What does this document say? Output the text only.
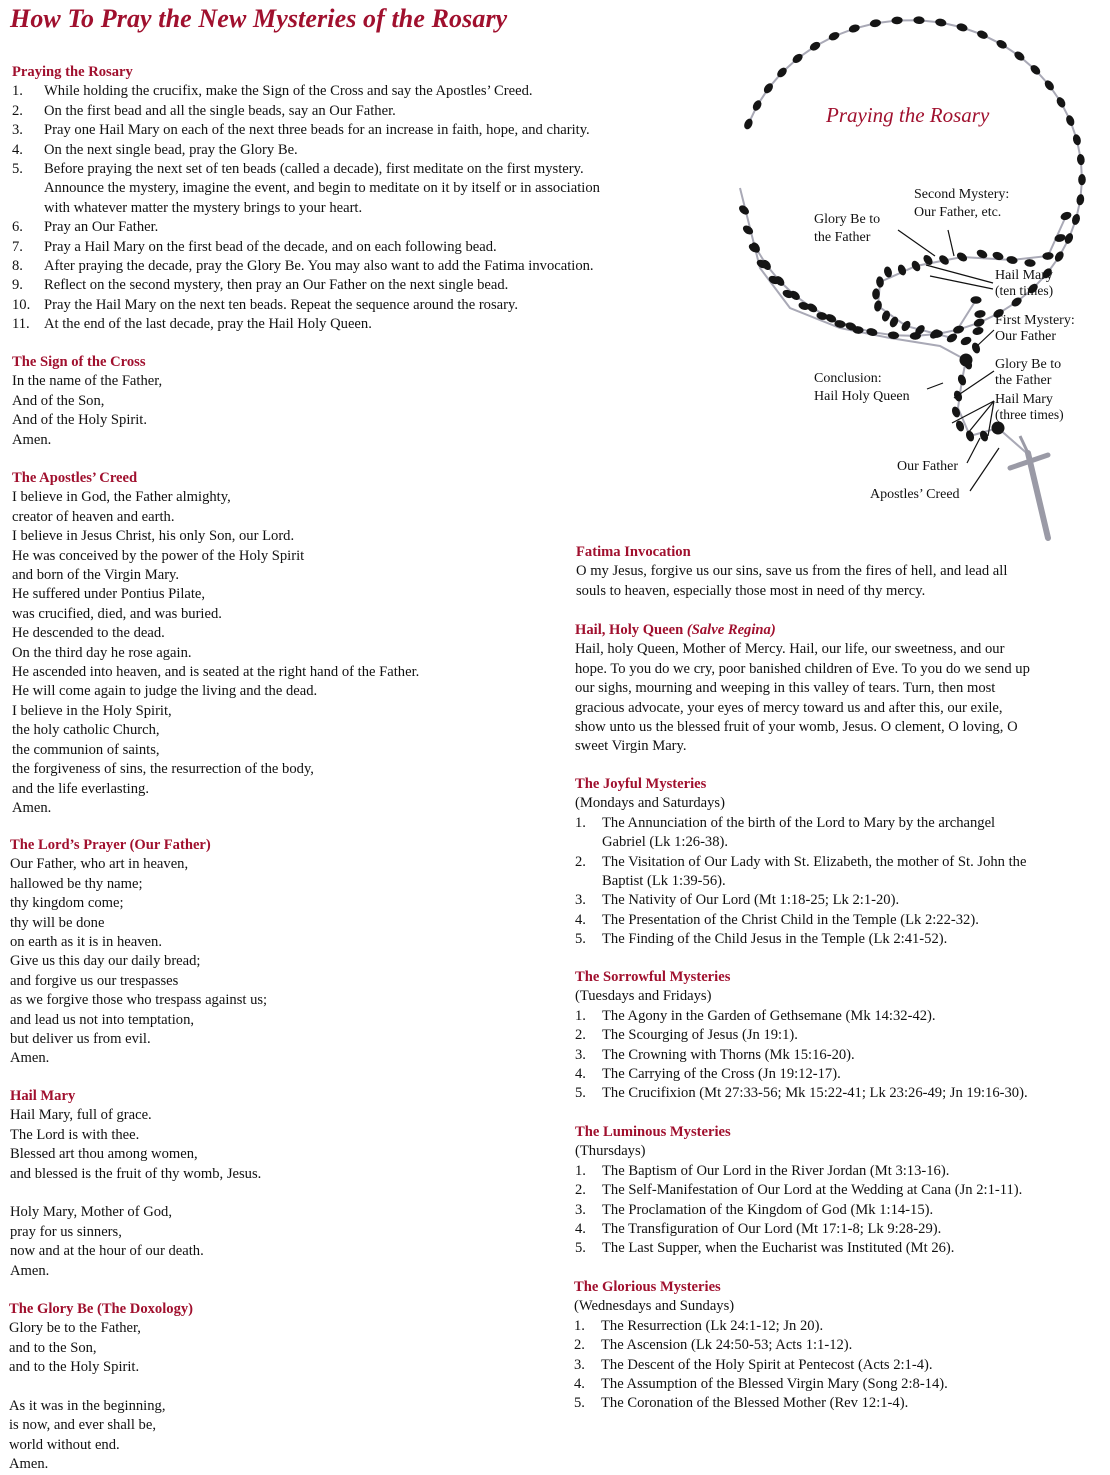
How To Pray the New Mysteries of the Rosary
Praying the Rosary
1. While holding the crucifix, make the Sign of the Cross and say the Apostles’ Creed.
2. On the first bead and all the single beads, say an Our Father.
3. Pray one Hail Mary on each of the next three beads for an increase in faith, hope, and charity.
4. On the next single bead, pray the Glory Be.
5. Before praying the next set of ten beads (called a decade), first meditate on the first mystery.
Announce the mystery, imagine the event, and begin to meditate on it by itself or in association
with whatever matter the mystery brings to your heart.
6. Pray an Our Father.
7. Pray a Hail Mary on the first bead of the decade, and on each following bead.
8. After praying the decade, pray the Glory Be. You may also want to add the Fatima invocation.
9. Reflect on the second mystery, then pray an Our Father on the next single bead.
10. Pray the Hail Mary on the next ten beads. Repeat the sequence around the rosary.
11. At the end of the last decade, pray the Hail Holy Queen.
The Sign of the Cross
In the name of the Father,
And of the Son,
And of the Holy Spirit.
Amen.
The Apostles’ Creed
I believe in God, the Father almighty,
creator of heaven and earth.
I believe in Jesus Christ, his only Son, our Lord.
He was conceived by the power of the Holy Spirit
and born of the Virgin Mary.
He suffered under Pontius Pilate,
was crucified, died, and was buried.
He descended to the dead.
On the third day he rose again.
He ascended into heaven, and is seated at the right hand of the Father.
He will come again to judge the living and the dead.
I believe in the Holy Spirit,
the holy catholic Church,
the communion of saints,
the forgiveness of sins, the resurrection of the body,
and the life everlasting.
Amen.
The Lord’s Prayer (Our Father)
Our Father, who art in heaven,
hallowed be thy name;
thy kingdom come;
thy will be done
on earth as it is in heaven.
Give us this day our daily bread;
and forgive us our trespasses
as we forgive those who trespass against us;
and lead us not into temptation,
but deliver us from evil.
Amen.
Hail Mary
Hail Mary, full of grace.
The Lord is with thee.
Blessed art thou among women,
and blessed is the fruit of thy womb, Jesus.
Holy Mary, Mother of God,
pray for us sinners,
now and at the hour of our death.
Amen.
The Glory Be (The Doxology)
Glory be to the Father,
and to the Son,
and to the Holy Spirit.
As it was in the beginning,
is now, and ever shall be,
world without end.
Amen.
Fatima Invocation
O my Jesus, forgive us our sins, save us from the fires of hell, and lead all
souls to heaven, especially those most in need of thy mercy.
Hail, Holy Queen (Salve Regina)
Hail, holy Queen, Mother of Mercy. Hail, our life, our sweetness, and our
hope. To you do we cry, poor banished children of Eve. To you do we send up
our sighs, mourning and weeping in this valley of tears. Turn, then most
gracious advocate, your eyes of mercy toward us and after this, our exile,
show unto us the blessed fruit of your womb, Jesus. O clement, O loving, O
sweet Virgin Mary.
The Joyful Mysteries
(Mondays and Saturdays)
1. The Annunciation of the birth of the Lord to Mary by the archangel
Gabriel (Lk 1:26-38).
2. The Visitation of Our Lady with St. Elizabeth, the mother of St. John the
Baptist (Lk 1:39-56).
3. The Nativity of Our Lord (Mt 1:18-25; Lk 2:1-20).
4. The Presentation of the Christ Child in the Temple (Lk 2:22-32).
5. The Finding of the Child Jesus in the Temple (Lk 2:41-52).
The Sorrowful Mysteries
(Tuesdays and Fridays)
1. The Agony in the Garden of Gethsemane (Mk 14:32-42).
2. The Scourging of Jesus (Jn 19:1).
3. The Crowning with Thorns (Mk 15:16-20).
4. The Carrying of the Cross (Jn 19:12-17).
5. The Crucifixion (Mt 27:33-56; Mk 15:22-41; Lk 23:26-49; Jn 19:16-30).
The Luminous Mysteries
(Thursdays)
1. The Baptism of Our Lord in the River Jordan (Mt 3:13-16).
2. The Self-Manifestation of Our Lord at the Wedding at Cana (Jn 2:1-11).
3. The Proclamation of the Kingdom of God (Mk 1:14-15).
4. The Transfiguration of Our Lord (Mt 17:1-8; Lk 9:28-29).
5. The Last Supper, when the Eucharist was Instituted (Mt 26).
The Glorious Mysteries
(Wednesdays and Sundays)
1. The Resurrection (Lk 24:1-12; Jn 20).
2. The Ascension (Lk 24:50-53; Acts 1:1-12).
3. The Descent of the Holy Spirit at Pentecost (Acts 2:1-4).
4. The Assumption of the Blessed Virgin Mary (Song 2:8-14).
5. The Coronation of the Blessed Mother (Rev 12:1-4).
Praying the Rosary
Second Mystery: Our Father, etc.
Glory Be to the Father
Hail Mary (ten times)
First Mystery: Our Father
Glory Be to the Father
Conclusion: Hail Holy Queen	Hail Mary (three times)
Our Father
Apostles’ Creed
